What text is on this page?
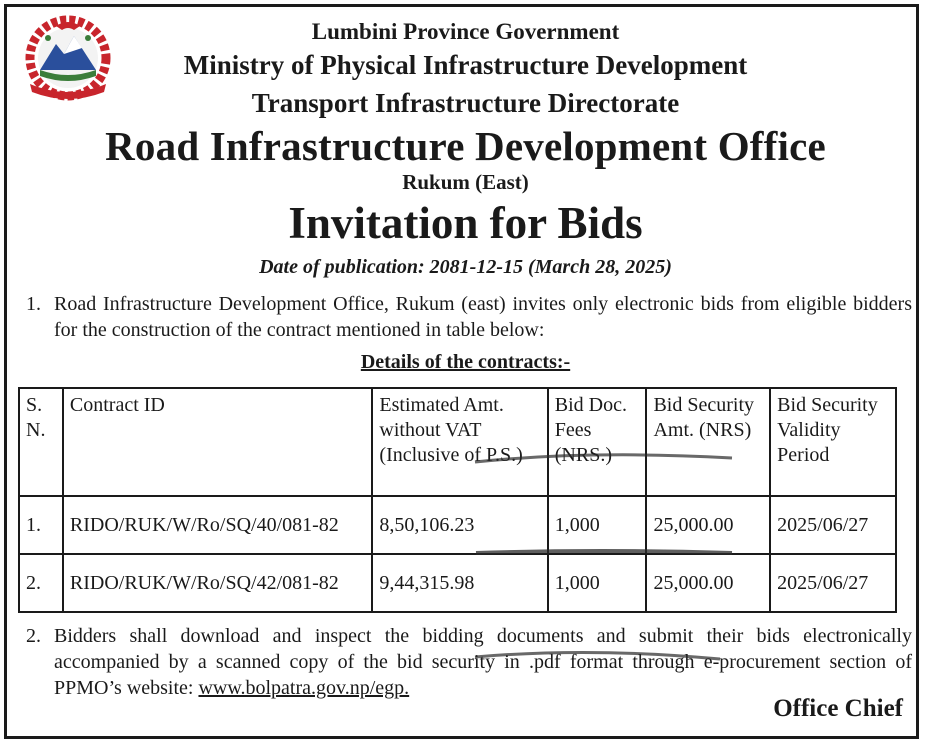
Lumbini Province Government
Ministry of Physical Infrastructure Development
Transport Infrastructure Directorate
Road Infrastructure Development Office
Rukum (East)
Invitation for Bids
Date of publication: 2081-12-15 (March 28, 2025)
1. Road Infrastructure Development Office, Rukum (east) invites only electronic bids from eligible bidders for the construction of the contract mentioned in table below:
Details of the contracts:-
S. N.	Contract ID	Estimated Amt. without VAT (Inclusive of P.S.)	Bid Doc. Fees (NRS.)	Bid Security Amt. (NRS)	Bid Security Validity Period
1.	RIDO/RUK/W/Ro/SQ/40/081-82	8,50,106.23	1,000	25,000.00	2025/06/27
2.	RIDO/RUK/W/Ro/SQ/42/081-82	9,44,315.98	1,000	25,000.00	2025/06/27
2. Bidders shall download and inspect the bidding documents and submit their bids electronically accompanied by a scanned copy of the bid security in .pdf format through e-procurement section of PPMO’s website: www.bolpatra.gov.np/egp.
Office Chief
